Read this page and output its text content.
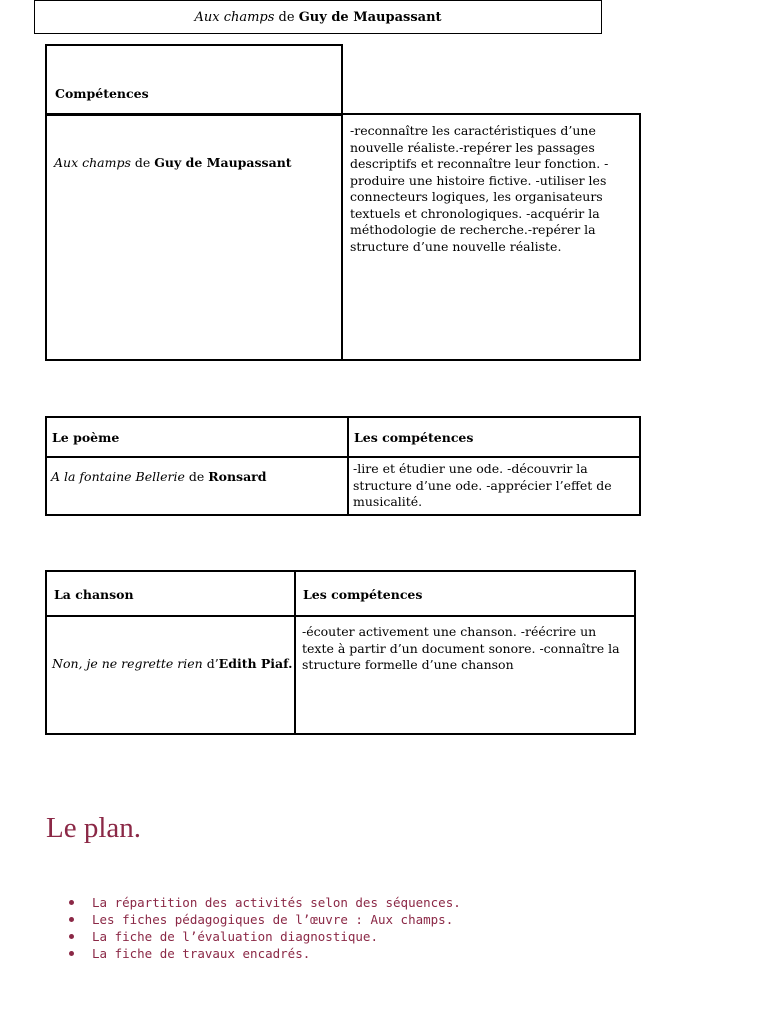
Aux champs de Guy de Maupassant
Compétences
Aux champs de Guy de Maupassant
-reconnaître les caractéristiques d’une nouvelle réaliste.-repérer les passages descriptifs et reconnaître leur fonction. -produire une histoire fictive. -utiliser les connecteurs logiques, les organisateurs textuels et chronologiques. -acquérir la méthodologie de recherche.-repérer la structure d’une nouvelle réaliste.
Le poème	Les compétences
A la fontaine Bellerie de Ronsard
-lire et étudier une ode. -découvrir la structure d’une ode. -apprécier l’effet de musicalité.
La chanson	Les compétences
Non, je ne regrette rien d’Edith Piaf.
-écouter activement une chanson. -réécrire un texte à partir d’un document sonore. -connaître la structure formelle d’une chanson
Le plan.
La répartition des activités selon des séquences.
Les fiches pédagogiques de l’œuvre : Aux champs.
La fiche de l’évaluation diagnostique.
La fiche de travaux encadrés.
